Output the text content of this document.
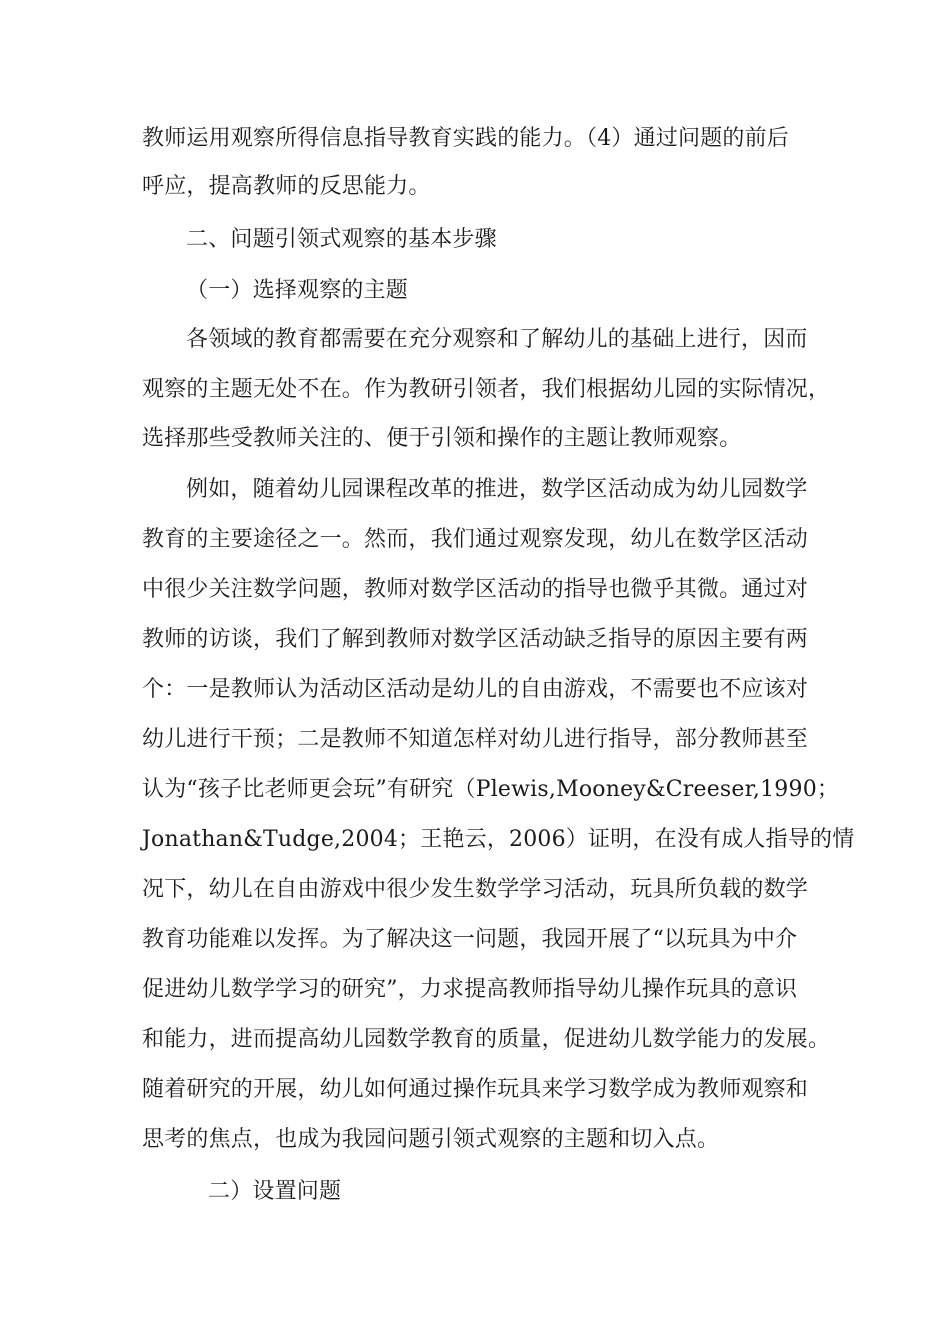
教师运用观察所得信息指导教育实践的能力。（4）通过问题的前后
呼应，提高教师的反思能力。
二、问题引领式观察的基本步骤
（一）选择观察的主题
各领域的教育都需要在充分观察和了解幼儿的基础上进行，因而
观察的主题无处不在。作为教研引领者，我们根据幼儿园的实际情况，
选择那些受教师关注的、便于引领和操作的主题让教师观察。
例如，随着幼儿园课程改革的推进，数学区活动成为幼儿园数学
教育的主要途径之一。然而，我们通过观察发现，幼儿在数学区活动
中很少关注数学问题，教师对数学区活动的指导也微乎其微。通过对
教师的访谈，我们了解到教师对数学区活动缺乏指导的原因主要有两
个：一是教师认为活动区活动是幼儿的自由游戏，不需要也不应该对
幼儿进行干预；二是教师不知道怎样对幼儿进行指导，部分教师甚至
认为“孩子比老师更会玩”有研究（Plewis,Mooney&Creeser,1990；
Jonathan&Tudge,2004；王艳云，2006）证明，在没有成人指导的情
况下，幼儿在自由游戏中很少发生数学学习活动，玩具所负载的数学
教育功能难以发挥。为了解决这一问题，我园开展了“以玩具为中介
促进幼儿数学学习的研究”，力求提高教师指导幼儿操作玩具的意识
和能力，进而提高幼儿园数学教育的质量，促进幼儿数学能力的发展。
随着研究的开展，幼儿如何通过操作玩具来学习数学成为教师观察和
思考的焦点，也成为我园问题引领式观察的主题和切入点。
二）设置问题
